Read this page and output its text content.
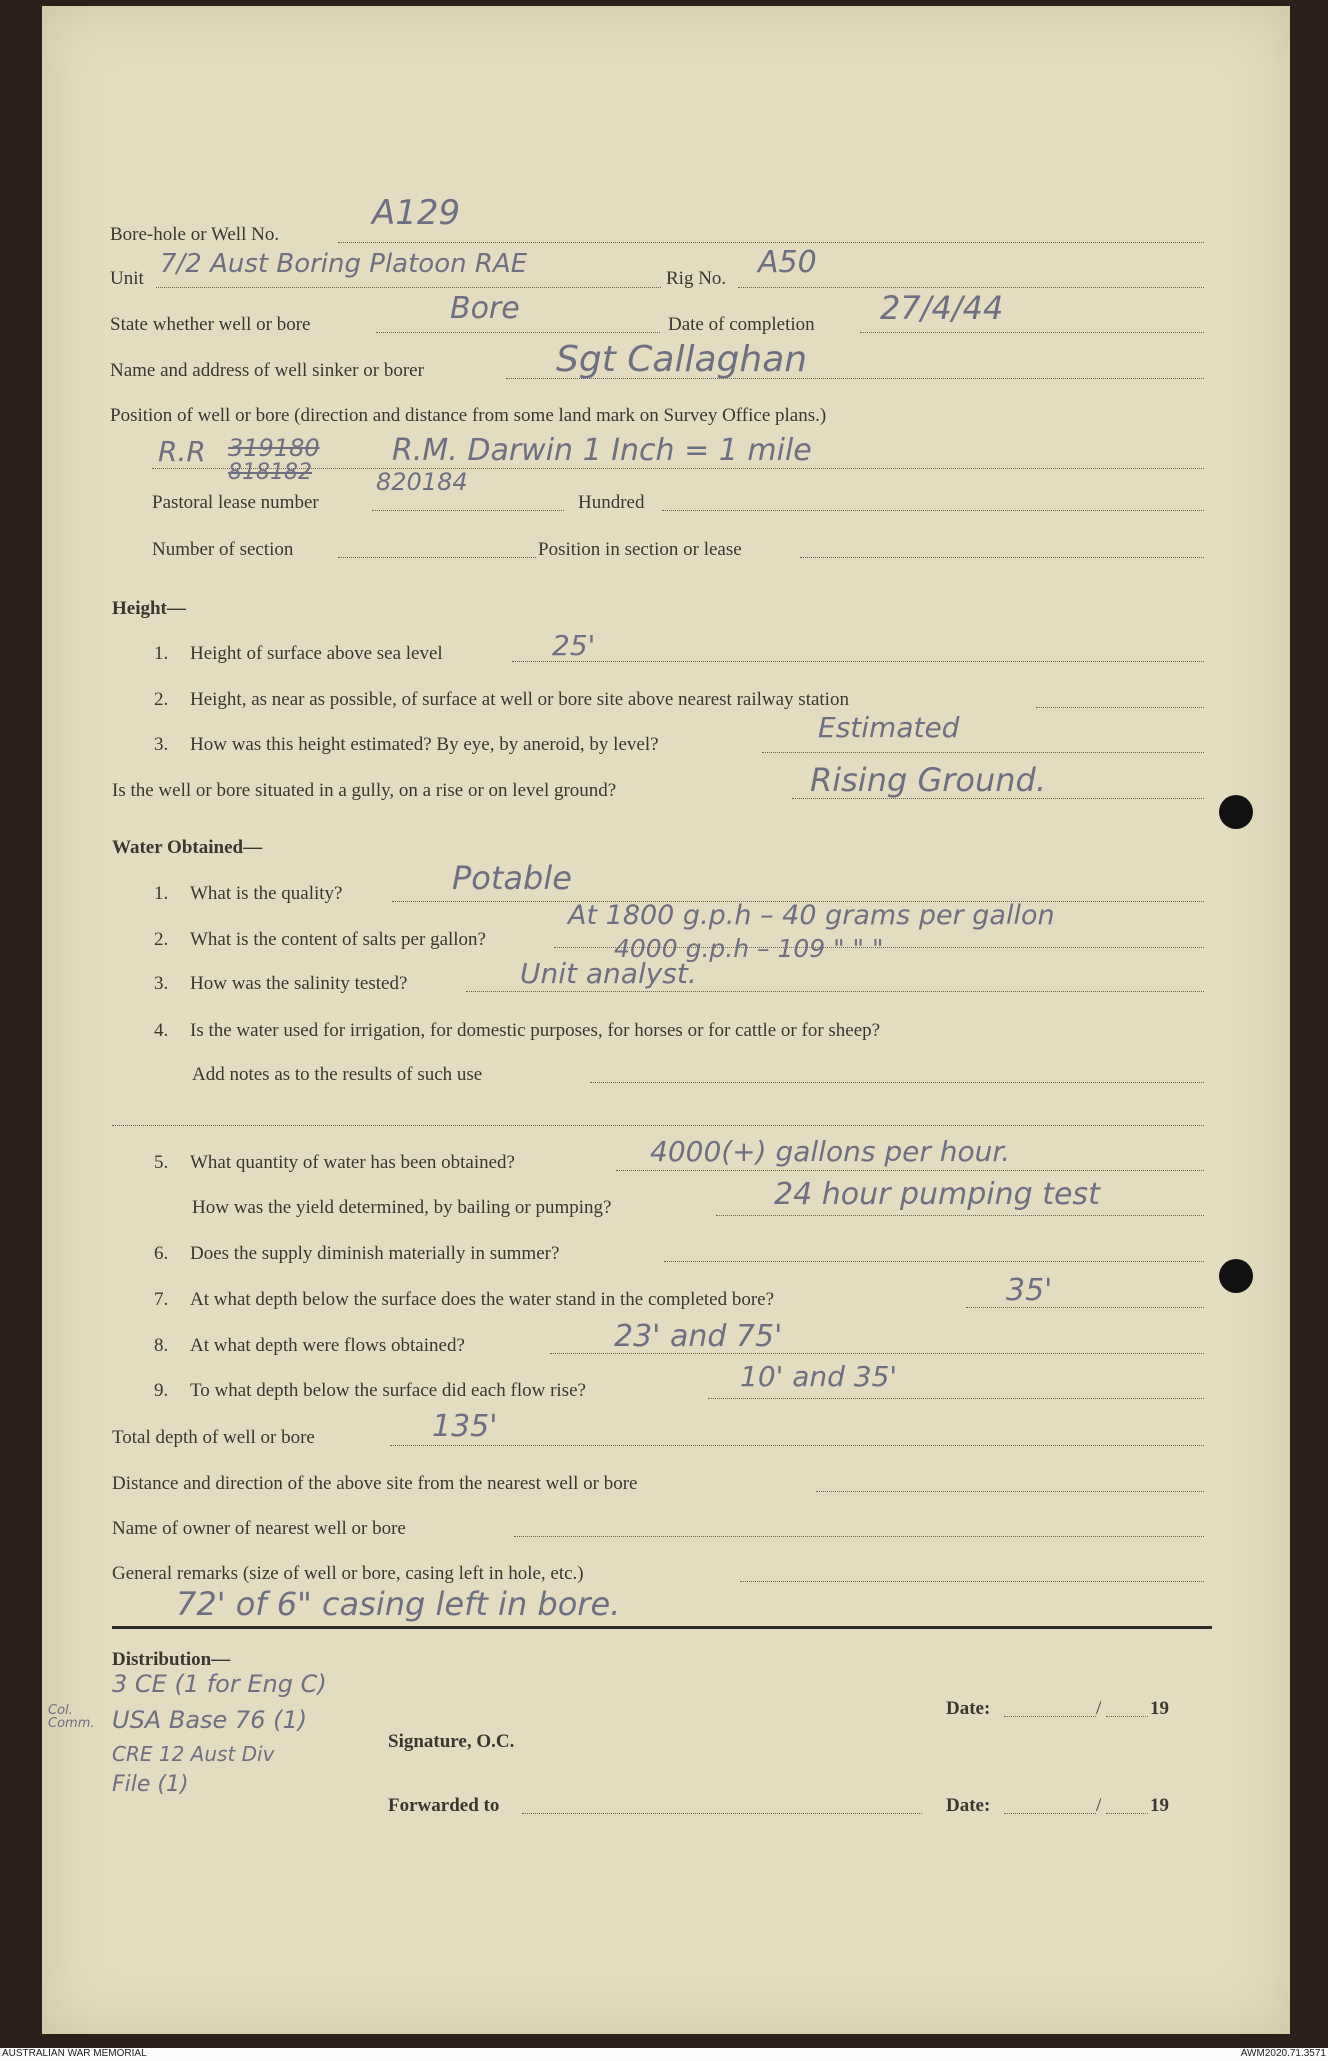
Bore-hole or Well No.
A129
Unit 7/2 Aust Boring Platoon RAE	Rig No. A50
State whether well or bore	Bore	Date of completion 27/4/44
Name and address of well sinker or borer	Sgt Callaghan
Position of well or bore (direction and distance from some land mark on Survey Office plans.)
R.R 319180
818182
R.M. Darwin 1 Inch = 1 mile
820184
Pastoral lease number	Hundred
Number of section	Position in section or lease
Height—
1. Height of surface above sea level	25'
2. Height, as near as possible, of surface at well or bore site above nearest railway station
3. How was this height estimated? By eye, by aneroid, by level?
Estimated
Is the well or bore situated in a gully, on a rise or on level ground?	Rising Ground.
Water Obtained—
1. What is the quality?	Potable
2. What is the content of salts per gallon?
At 1800 g.p.h – 40 grams per gallon
4000 g.p.h – 109 " " "
3. How was the salinity tested?	Unit analyst.
4. Is the water used for irrigation, for domestic purposes, for horses or for cattle or for sheep?
Add notes as to the results of such use
5. What quantity of water has been obtained?	4000(+) gallons per hour.
How was the yield determined, by bailing or pumping?	24 hour pumping test
6. Does the supply diminish materially in summer?
7. At what depth below the surface does the water stand in the completed bore?	35'
8. At what depth were flows obtained?	23' and 75'
9. To what depth below the surface did each flow rise?	10' and 35'
Total depth of well or bore	135'
Distance and direction of the above site from the nearest well or bore
Name of owner of nearest well or bore
General remarks (size of well or bore, casing left in hole, etc.)
72' of 6" casing left in bore.
Distribution—
3 CE (1 for Eng C)
USA Base 76 (1)
CRE 12 Aust Div
File (1)
Col. Comm.
Signature, O.C.
Forwarded to
Date:	/	19
Date:	/	19
AUSTRALIAN WAR MEMORIAL	AWM2020.71.3571
